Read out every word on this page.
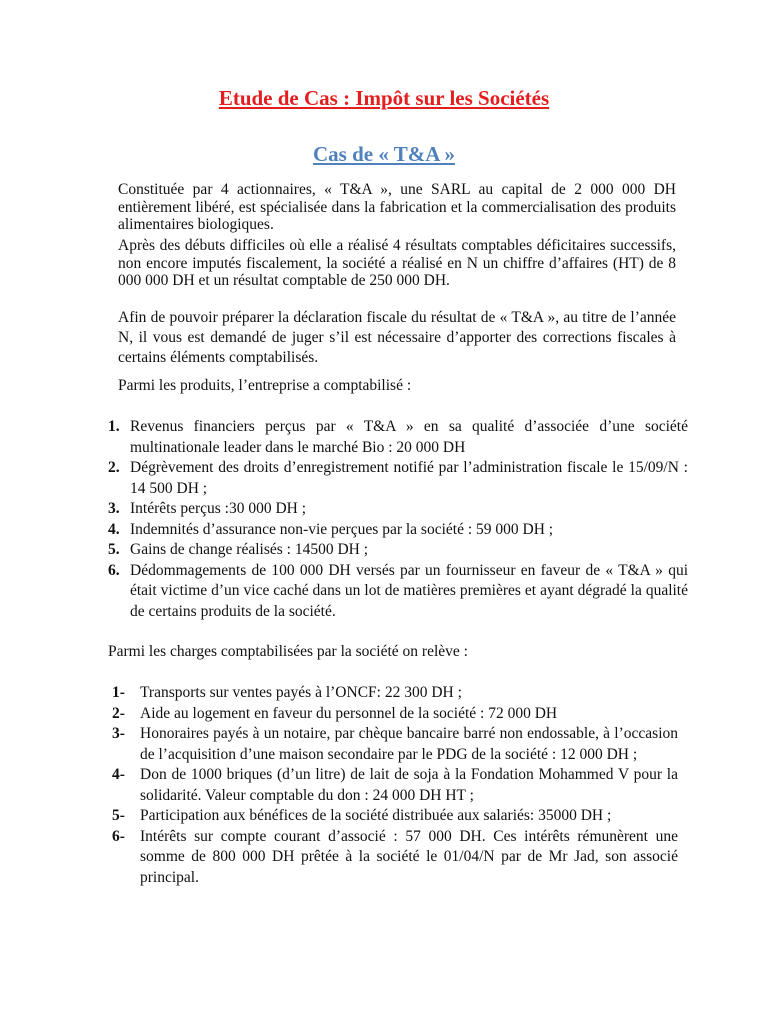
Etude de Cas : Impôt sur les Sociétés
Cas de « T&A »
Constituée par 4 actionnaires, « T&A », une SARL au capital de 2 000 000 DH entièrement libéré, est spécialisée dans la fabrication et la commercialisation des produits alimentaires biologiques.
Après des débuts difficiles où elle a réalisé 4 résultats comptables déficitaires successifs, non encore imputés fiscalement, la société a réalisé en N un chiffre d’affaires (HT) de 8 000 000 DH et un résultat comptable de 250 000 DH.
Afin de pouvoir préparer la déclaration fiscale du résultat de « T&A », au titre de l’année N, il vous est demandé de juger s’il est nécessaire d’apporter des corrections fiscales à certains éléments comptabilisés.
Parmi les produits, l’entreprise a comptabilisé :
1. Revenus financiers perçus par « T&A » en sa qualité d’associée d’une société multinationale leader dans le marché Bio : 20 000 DH
2. Dégrèvement des droits d’enregistrement notifié par l’administration fiscale le 15/09/N : 14 500 DH ;
3. Intérêts perçus :30 000 DH ;
4. Indemnités d’assurance non-vie perçues par la société : 59 000 DH ;
5. Gains de change réalisés : 14500 DH ;
6. Dédommagements de 100 000 DH versés par un fournisseur en faveur de « T&A » qui était victime d’un vice caché dans un lot de matières premières et ayant dégradé la qualité de certains produits de la société.
Parmi les charges comptabilisées par la société on relève :
1- Transports sur ventes payés à l’ONCF: 22 300 DH ;
2- Aide au logement en faveur du personnel de la société : 72 000 DH
3- Honoraires payés à un notaire, par chèque bancaire barré non endossable, à l’occasion de l’acquisition d’une maison secondaire par le PDG de la société : 12 000 DH ;
4- Don de 1000 briques (d’un litre) de lait de soja à la Fondation Mohammed V pour la solidarité. Valeur comptable du don : 24 000 DH HT ;
5- Participation aux bénéfices de la société distribuée aux salariés: 35000 DH ;
6- Intérêts sur compte courant d’associé : 57 000 DH. Ces intérêts rémunèrent une somme de 800 000 DH prêtée à la société le 01/04/N par de Mr Jad, son associé principal.
